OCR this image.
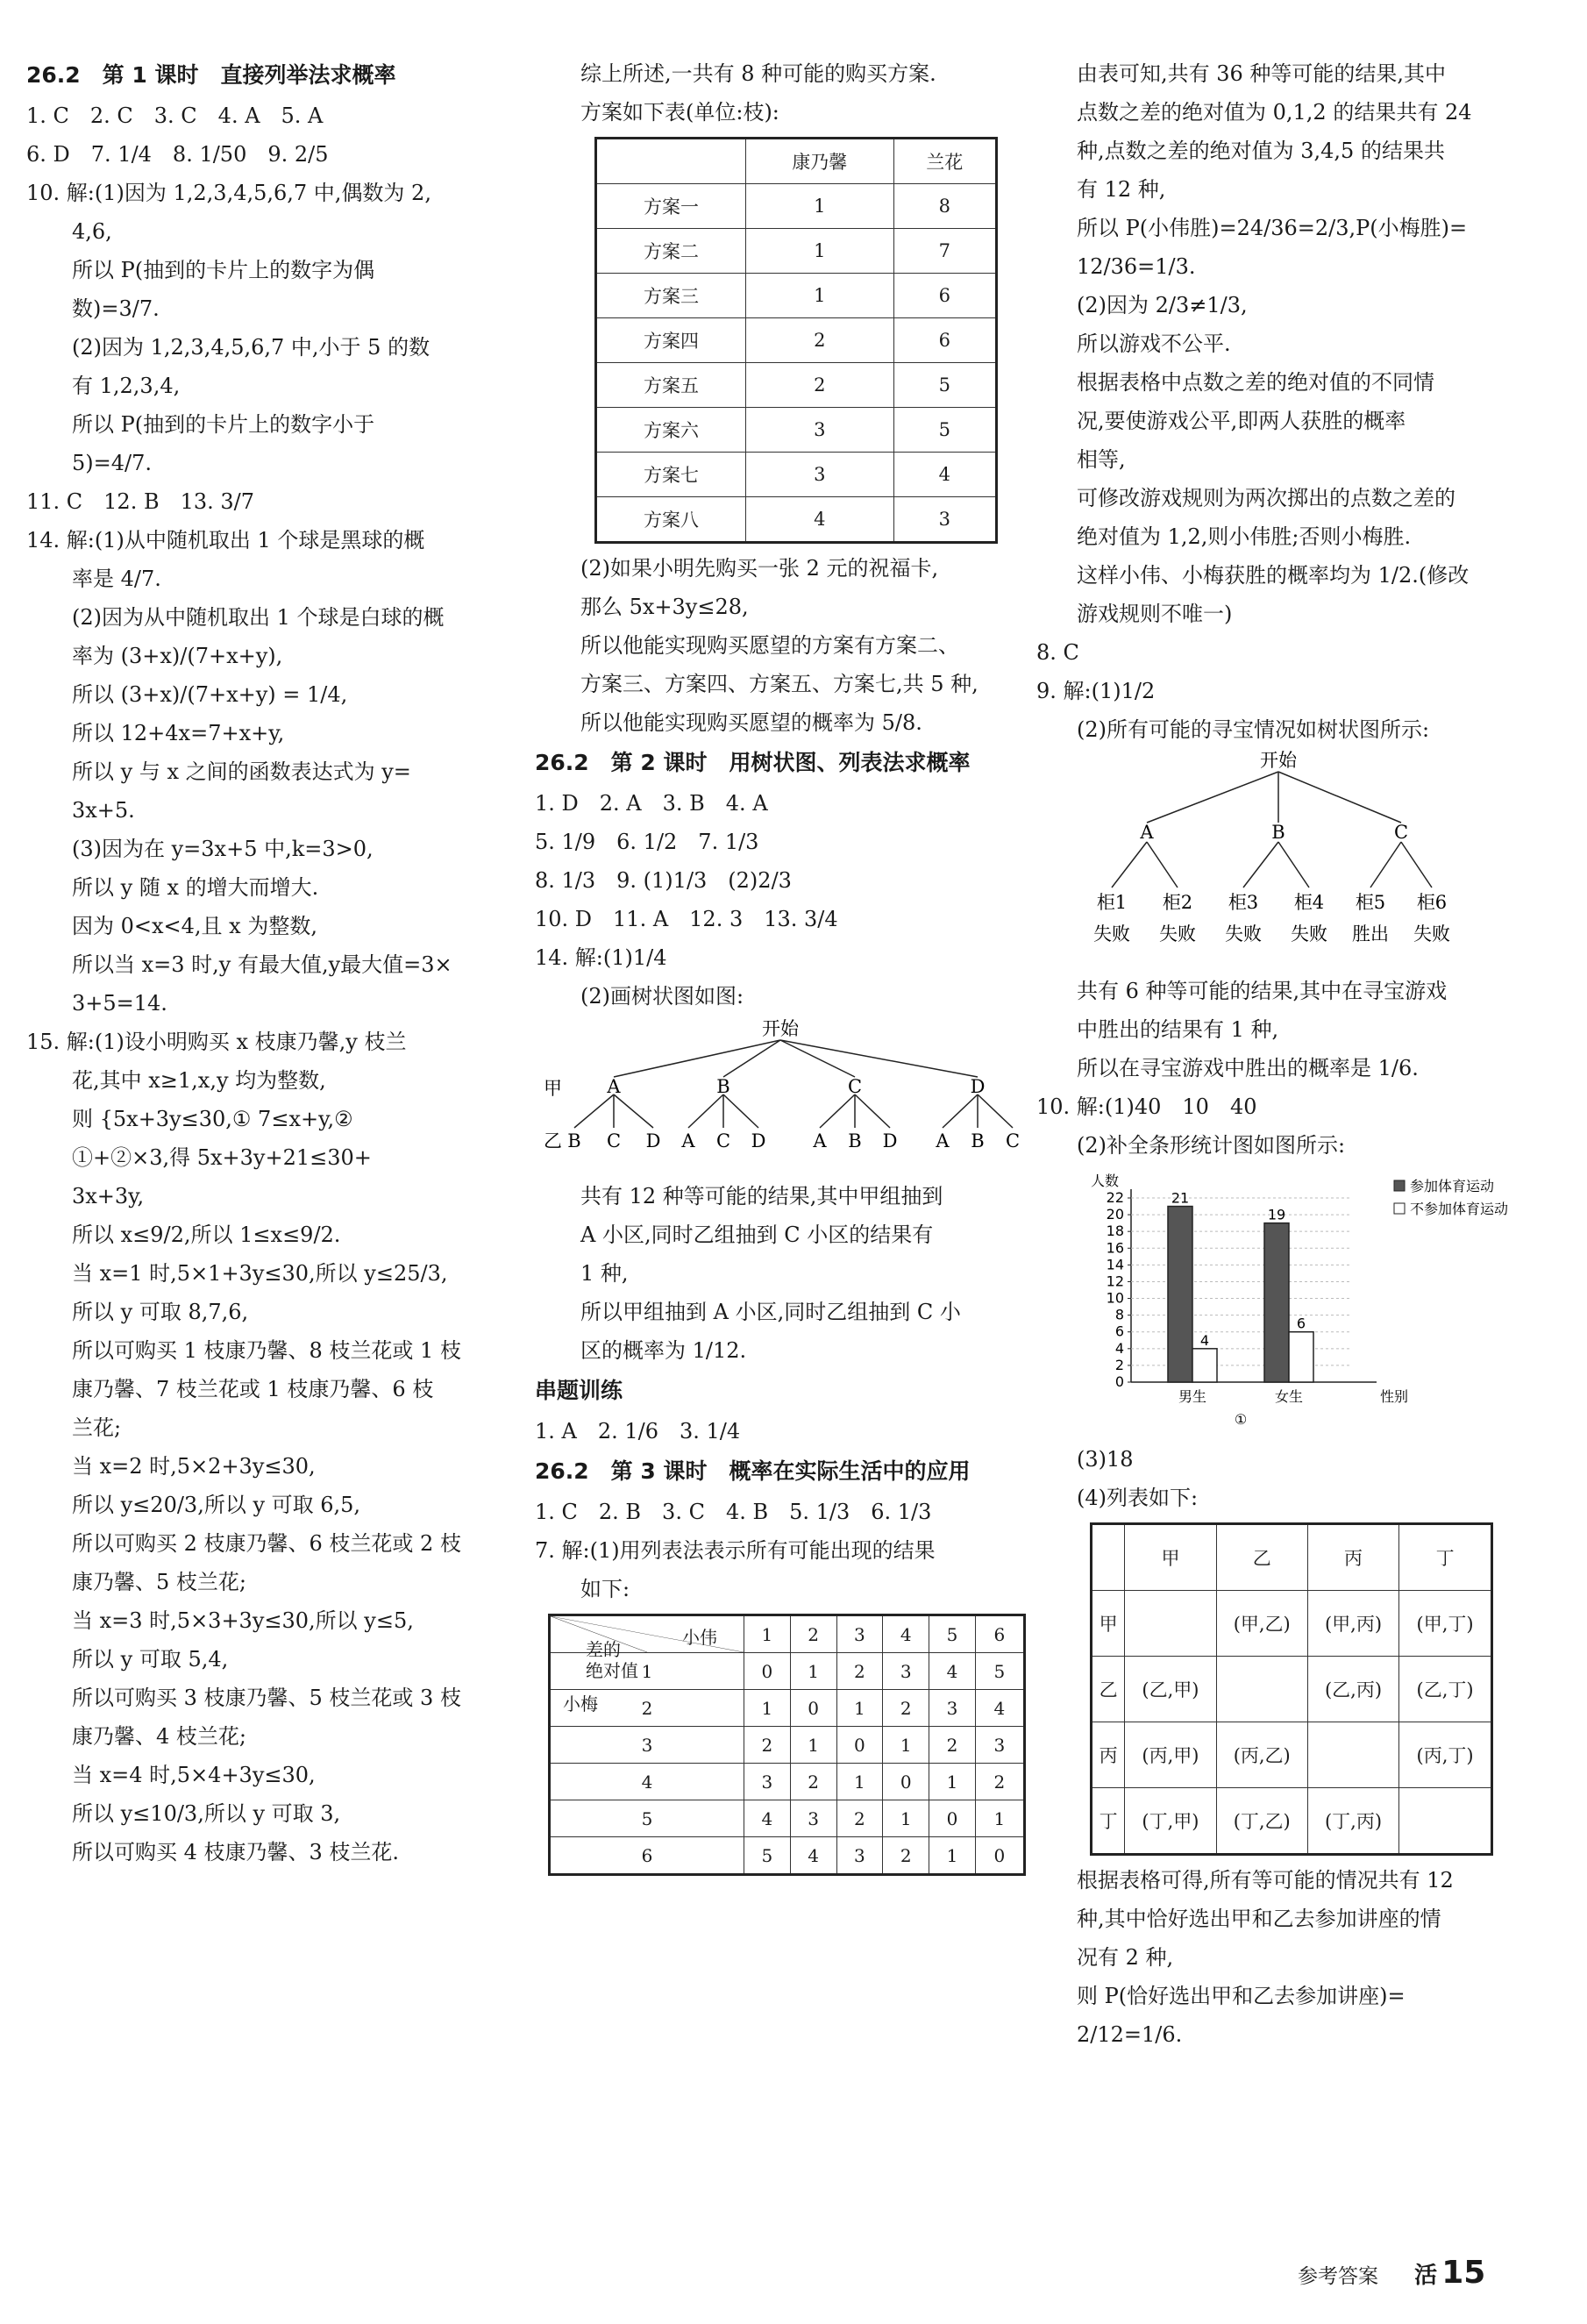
26.2　第 1 课时　直接列举法求概率
1. C　2. C　3. C　4. A　5. A
6. D　7. 1/4　8. 1/50　9. 2/5
10. 解:(1)因为 1,2,3,4,5,6,7 中,偶数为 2,
4,6,
所以 P(抽到的卡片上的数字为偶
数)=3/7.
(2)因为 1,2,3,4,5,6,7 中,小于 5 的数
有 1,2,3,4,
所以 P(抽到的卡片上的数字小于
5)=4/7.
11. C　12. B　13. 3/7
14. 解:(1)从中随机取出 1 个球是黑球的概
率是 4/7.
(2)因为从中随机取出 1 个球是白球的概
率为 (3+x)/(7+x+y),
所以 (3+x)/(7+x+y) = 1/4,
所以 12+4x=7+x+y,
所以 y 与 x 之间的函数表达式为 y=
3x+5.
(3)因为在 y=3x+5 中,k=3>0,
所以 y 随 x 的增大而增大.
因为 0<x<4,且 x 为整数,
所以当 x=3 时,y 有最大值,y最大值=3×
3+5=14.
15. 解:(1)设小明购买 x 枝康乃馨,y 枝兰
花,其中 x≥1,x,y 均为整数,
则 {5x+3y≤30,① 7≤x+y,②
①+②×3,得 5x+3y+21≤30+
3x+3y,
所以 x≤9/2,所以 1≤x≤9/2.
当 x=1 时,5×1+3y≤30,所以 y≤25/3,
所以 y 可取 8,7,6,
所以可购买 1 枝康乃馨、8 枝兰花或 1 枝
康乃馨、7 枝兰花或 1 枝康乃馨、6 枝
兰花;
当 x=2 时,5×2+3y≤30,
所以 y≤20/3,所以 y 可取 6,5,
所以可购买 2 枝康乃馨、6 枝兰花或 2 枝
康乃馨、5 枝兰花;
当 x=3 时,5×3+3y≤30,所以 y≤5,
所以 y 可取 5,4,
所以可购买 3 枝康乃馨、5 枝兰花或 3 枝
康乃馨、4 枝兰花;
当 x=4 时,5×4+3y≤30,
所以 y≤10/3,所以 y 可取 3,
所以可购买 4 枝康乃馨、3 枝兰花.
综上所述,一共有 8 种可能的购买方案.
方案如下表(单位:枝):
	康乃馨	兰花
方案一	1	8
方案二	1	7
方案三	1	6
方案四	2	6
方案五	2	5
方案六	3	5
方案七	3	4
方案八	4	3
(2)如果小明先购买一张 2 元的祝福卡,
那么 5x+3y≤28,
所以他能实现购买愿望的方案有方案二、
方案三、方案四、方案五、方案七,共 5 种,
所以他能实现购买愿望的概率为 5/8.
26.2　第 2 课时　用树状图、列表法求概率
1. D　2. A　3. B　4. A
5. 1/9　6. 1/2　7. 1/3
8. 1/3　9. (1)1/3　(2)2/3
10. D　11. A　12. 3　13. 3/4
14. 解:(1)1/4
(2)画树状图如图:
开始
甲
乙
A	B	C	D
B C D A C D	A B D A B C
共有 12 种等可能的结果,其中甲组抽到
A 小区,同时乙组抽到 C 小区的结果有
1 种,
所以甲组抽到 A 小区,同时乙组抽到 C 小
区的概率为 1/12.
串题训练
1. A　2. 1/6　3. 1/4
26.2　第 3 课时　概率在实际生活中的应用
1. C　2. B　3. C　4. B　5. 1/3　6. 1/3
7. 解:(1)用列表法表示所有可能出现的结果
如下:
小伟
差的
绝对值
小梅	1	2	3	4	5	6
1	0	1	2	3	4	5
2	1	0	1	2	3	4
3	2	1	0	1	2	3
4	3	2	1	0	1	2
5	4	3	2	1	0	1
6	5	4	3	2	1	0
由表可知,共有 36 种等可能的结果,其中
点数之差的绝对值为 0,1,2 的结果共有 24
种,点数之差的绝对值为 3,4,5 的结果共
有 12 种,
所以 P(小伟胜)=24/36=2/3,P(小梅胜)=
12/36=1/3.
(2)因为 2/3≠1/3,
所以游戏不公平.
根据表格中点数之差的绝对值的不同情
况,要使游戏公平,即两人获胜的概率
相等,
可修改游戏规则为两次掷出的点数之差的
绝对值为 1,2,则小伟胜;否则小梅胜.
这样小伟、小梅获胜的概率均为 1/2.(修改
游戏规则不唯一)
8. C
9. 解:(1)1/2
(2)所有可能的寻宝情况如树状图所示:
开始
A	B	C
柜1 柜2 柜3 柜4 柜5 柜6
失败 失败 失败 失败 胜出 失败
共有 6 种等可能的结果,其中在寻宝游戏
中胜出的结果有 1 种,
所以在寻宝游戏中胜出的概率是 1/6.
10. 解:(1)40　10　40
(2)补全条形统计图如图所示:
0
2
4
6
8
10
12
14
16
18
20
22
人数
性别
男生
21
4
女生
19
6
①
参加体育运动
不参加体育运动
(3)18
(4)列表如下:
	甲	乙	丙	丁
甲		(甲,乙)	(甲,丙)	(甲,丁)
乙	(乙,甲)		(乙,丙)	(乙,丁)
丙	(丙,甲)	(丙,乙)		(丙,丁)
丁	(丁,甲)	(丁,乙)	(丁,丙)	
根据表格可得,所有等可能的情况共有 12
种,其中恰好选出甲和乙去参加讲座的情
况有 2 种,
则 P(恰好选出甲和乙去参加讲座)=
2/12=1/6.
参考答案 活 15
